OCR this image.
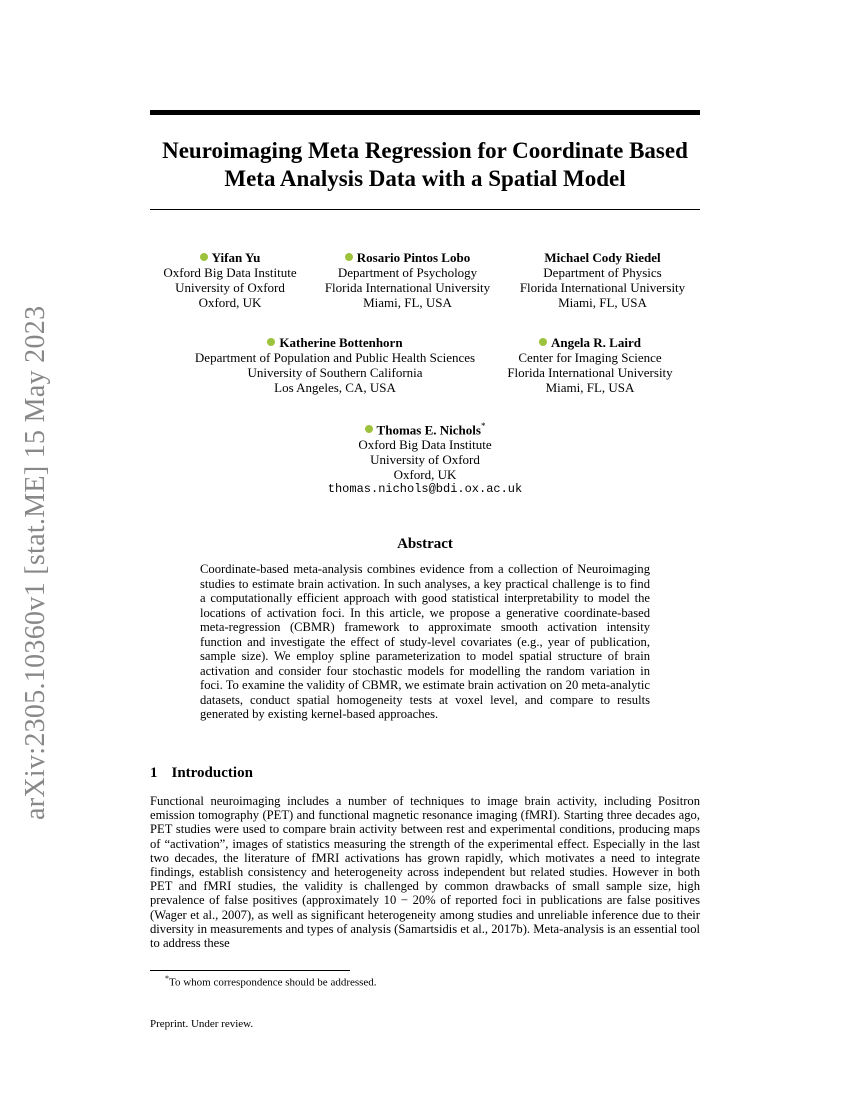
arXiv:2305.10360v1 [stat.ME] 15 May 2023
Neuroimaging Meta Regression for Coordinate Based
Meta Analysis Data with a Spatial Model
Yifan Yu
Oxford Big Data Institute
University of Oxford
Oxford, UK
Rosario Pintos Lobo
Department of Psychology
Florida International University
Miami, FL, USA
Michael Cody Riedel
Department of Physics
Florida International University
Miami, FL, USA
Katherine Bottenhorn
Department of Population and Public Health Sciences
University of Southern California
Los Angeles, CA, USA
Angela R. Laird
Center for Imaging Science
Florida International University
Miami, FL, USA
Thomas E. Nichols*
Oxford Big Data Institute
University of Oxford
Oxford, UK
thomas.nichols@bdi.ox.ac.uk
Abstract
Coordinate-based meta-analysis combines evidence from a collection of Neuroimaging studies to estimate brain activation. In such analyses, a key practical challenge is to find a computationally efficient approach with good statistical interpretability to model the locations of activation foci. In this article, we propose a generative coordinate-based meta-regression (CBMR) framework to approximate smooth activation intensity function and investigate the effect of study-level covariates (e.g., year of publication, sample size). We employ spline parameterization to model spatial structure of brain activation and consider four stochastic models for modelling the random variation in foci. To examine the validity of CBMR, we estimate brain activation on 20 meta-analytic datasets, conduct spatial homogeneity tests at voxel level, and compare to results generated by existing kernel-based approaches.
1 Introduction
Functional neuroimaging includes a number of techniques to image brain activity, including Positron emission tomography (PET) and functional magnetic resonance imaging (fMRI). Starting three decades ago, PET studies were used to compare brain activity between rest and experimental conditions, producing maps of “activation”, images of statistics measuring the strength of the experimental effect. Especially in the last two decades, the literature of fMRI activations has grown rapidly, which motivates a need to integrate findings, establish consistency and heterogeneity across independent but related studies. However in both PET and fMRI studies, the validity is challenged by common drawbacks of small sample size, high prevalence of false positives (approximately 10 − 20% of reported foci in publications are false positives (Wager et al., 2007), as well as significant heterogeneity among studies and unreliable inference due to their diversity in measurements and types of analysis (Samartsidis et al., 2017b). Meta-analysis is an essential tool to address these
*To whom correspondence should be addressed.
Preprint. Under review.
